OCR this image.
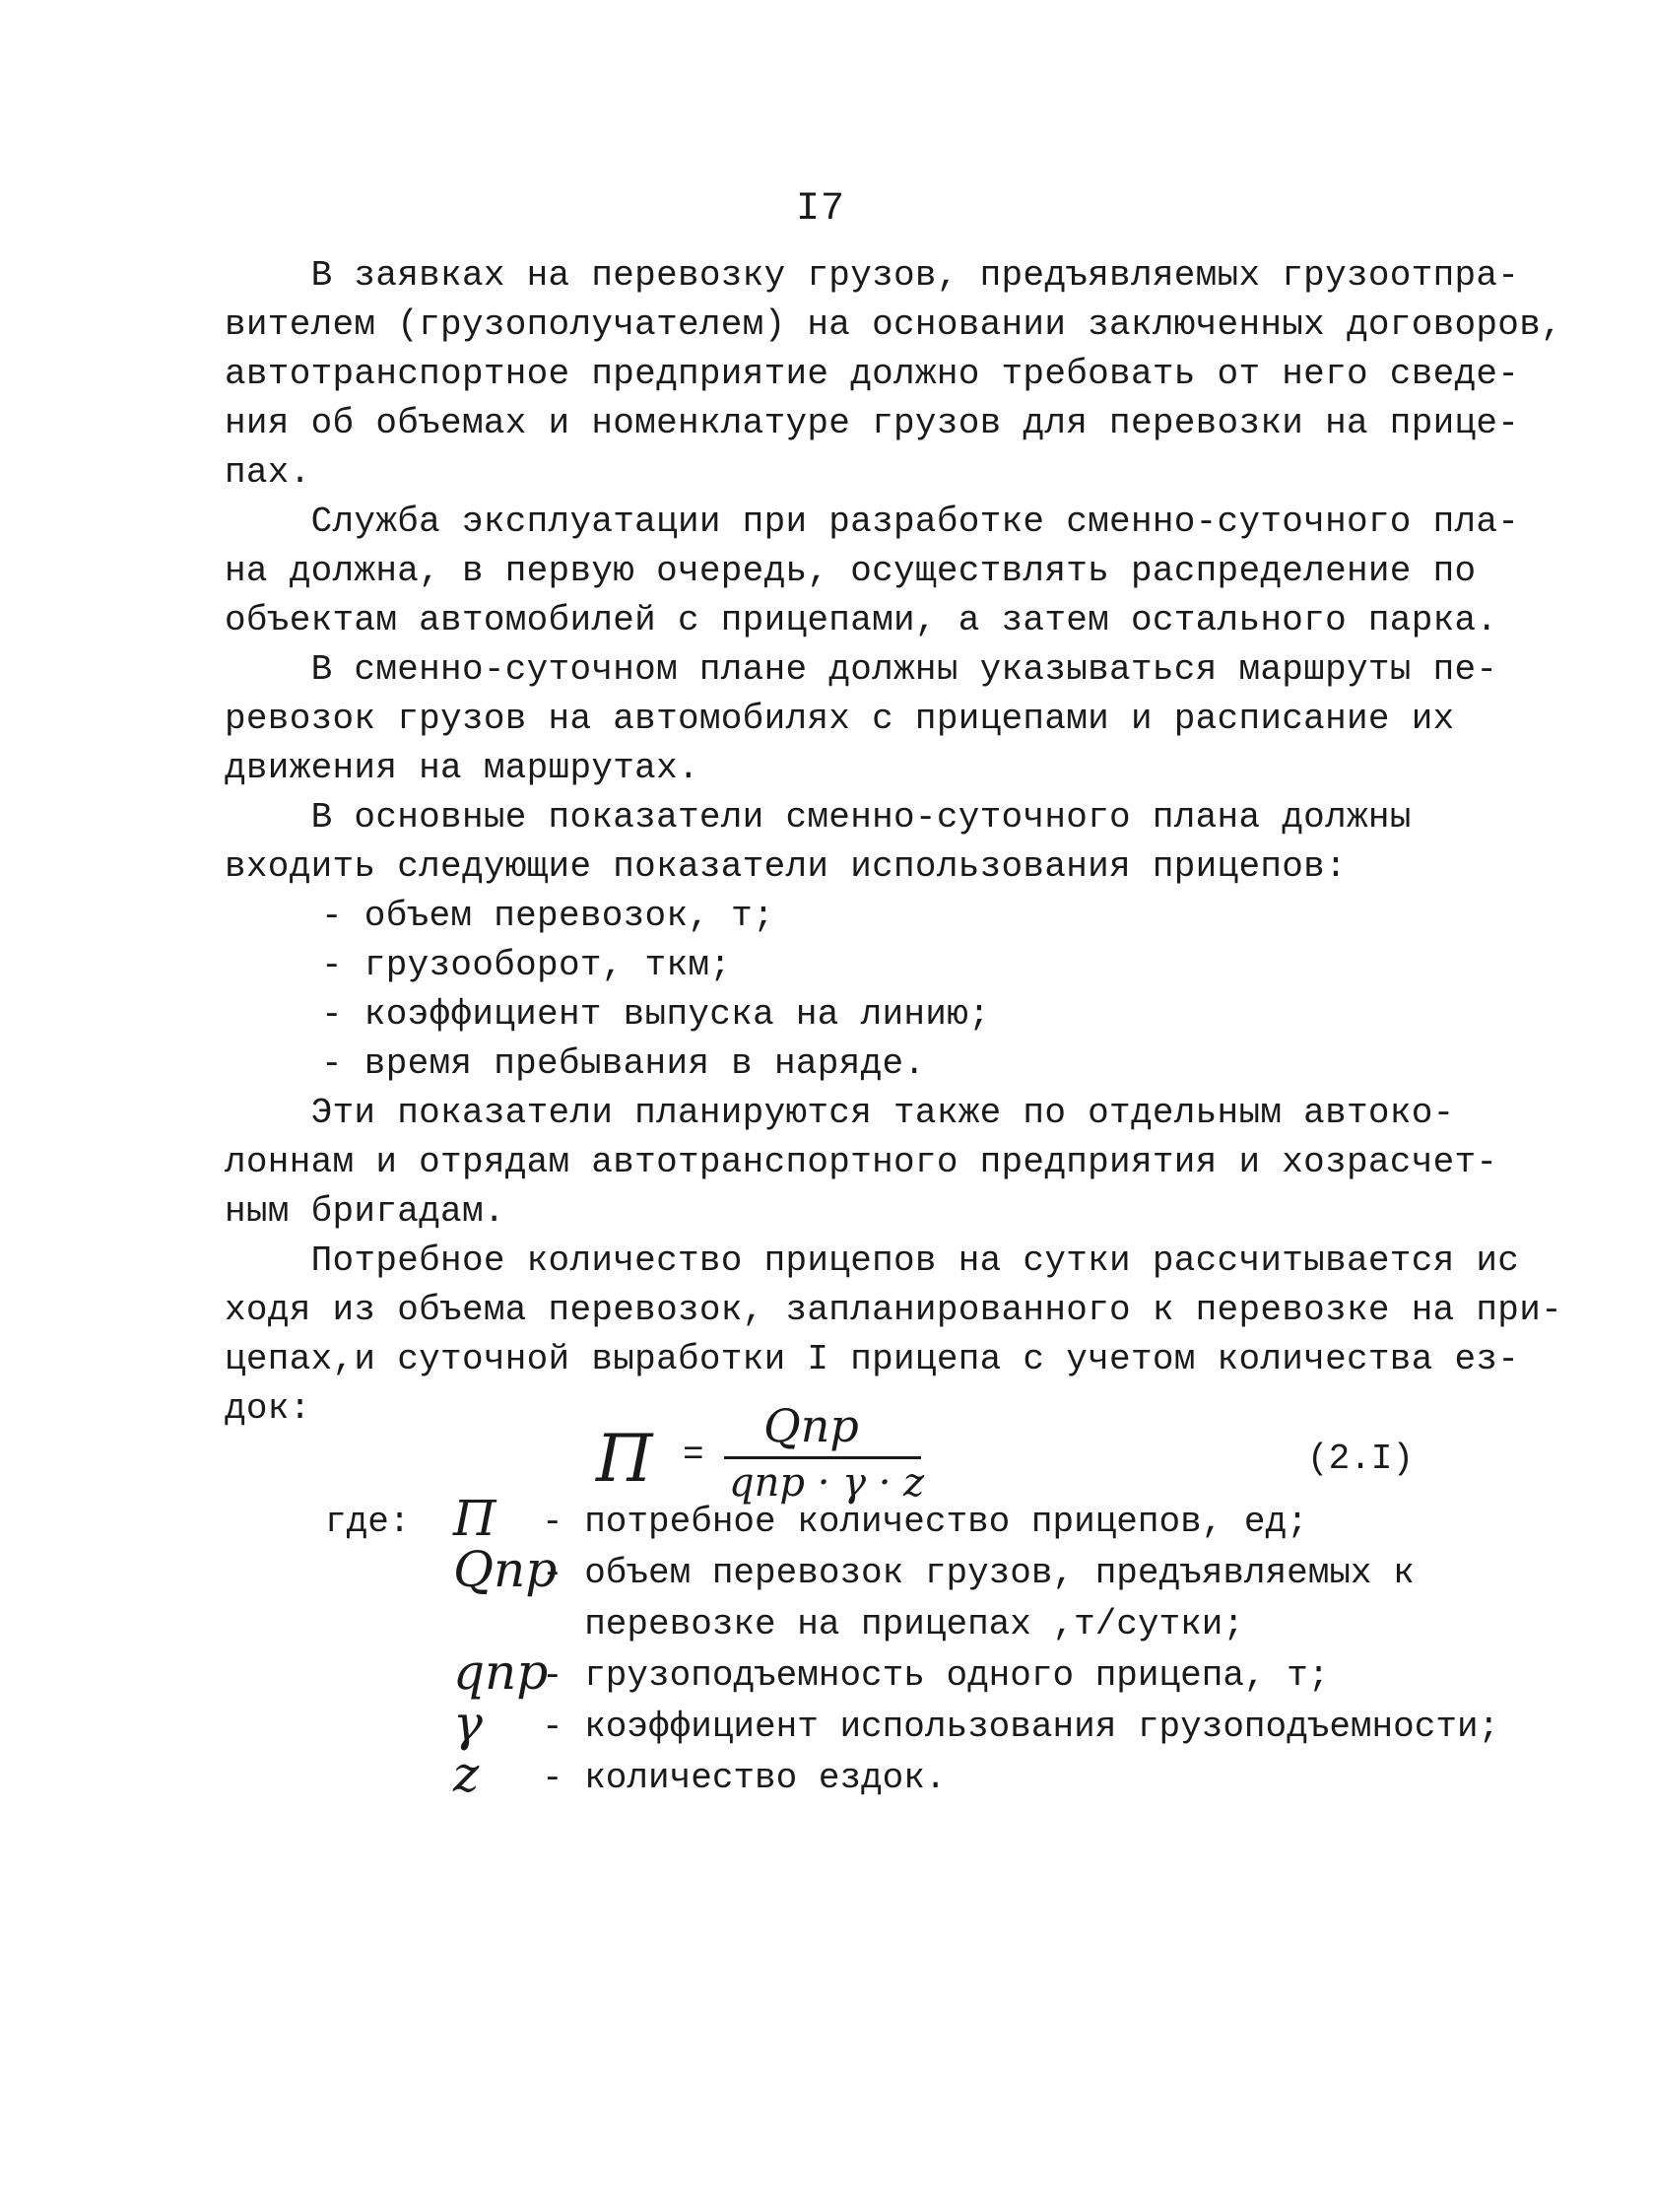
I7
В заявках на перевозку грузов, предъявляемых грузоотпра-
вителем (грузополучателем) на основании заключенных договоров,
автотранспортное предприятие должно требовать от него сведе-
ния об объемах и номенклатуре грузов для перевозки на прице-
пах.
Служба эксплуатации при разработке сменно-суточного пла-
на должна, в первую очередь, осуществлять распределение по
объектам автомобилей с прицепами, а затем остального парка.
В сменно-суточном плане должны указываться маршруты пе-
ревозок грузов на автомобилях с прицепами и расписание их
движения на маршрутах.
В основные показатели сменно-суточного плана должны
входить следующие показатели использования прицепов:
- объем перевозок, т;
- грузооборот, ткм;
- коэффициент выпуска на линию;
- время пребывания в наряде.
Эти показатели планируются также по отдельным автоко-
лоннам и отрядам автотранспортного предприятия и хозрасчет-
ным бригадам.
Потребное количество прицепов на сутки рассчитывается ис
ходя из объема перевозок, запланированного к перевозке на при-
цепах,и суточной выработки I прицепа с учетом количества ез-
док:
П =
Qпр
qпр · γ · z
(2.I)
где: П	- потребное количество прицепов, ед;
Qпр
- объем перевозок грузов, предъявляемых к
перевозке на прицепах ,т/сутки;
qпр
- грузоподъемность одного прицепа, т;
γ	- коэффициент использования грузоподъемности;
z	- количество ездок.
